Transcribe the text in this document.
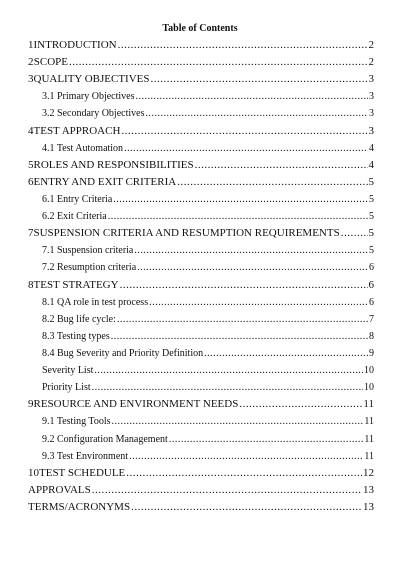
Table of Contents
1 INTRODUCTION .....	2
2 SCOPE .....	2
3 QUALITY OBJECTIVES .....	3
3.1 Primary Objectives .....	3
3.2 Secondary Objectives .....	3
4 TEST APPROACH .....	3
4.1 Test Automation .....	4
5 ROLES AND RESPONSIBILITIES .....	4
6 ENTRY AND EXIT CRITERIA .....	5
6.1 Entry Criteria .....	5
6.2 Exit Criteria .....	5
7 SUSPENSION CRITERIA AND RESUMPTION REQUIREMENTS .....	5
7.1 Suspension criteria .....	5
7.2 Resumption criteria .....	6
8 TEST STRATEGY .....	6
8.1 QA role in test process .....	6
8.2 Bug life cycle: .....	7
8.3 Testing types .....	8
8.4 Bug Severity and Priority Definition .....	9
Severity List .....	10
Priority List .....	10
9 RESOURCE AND ENVIRONMENT NEEDS .....	11
9.1 Testing Tools .....	11
9.2 Configuration Management .....	11
9.3 Test Environment .....	11
10 TEST SCHEDULE .....	12
APPROVALS .....	13
TERMS/ACRONYMS .....	13
